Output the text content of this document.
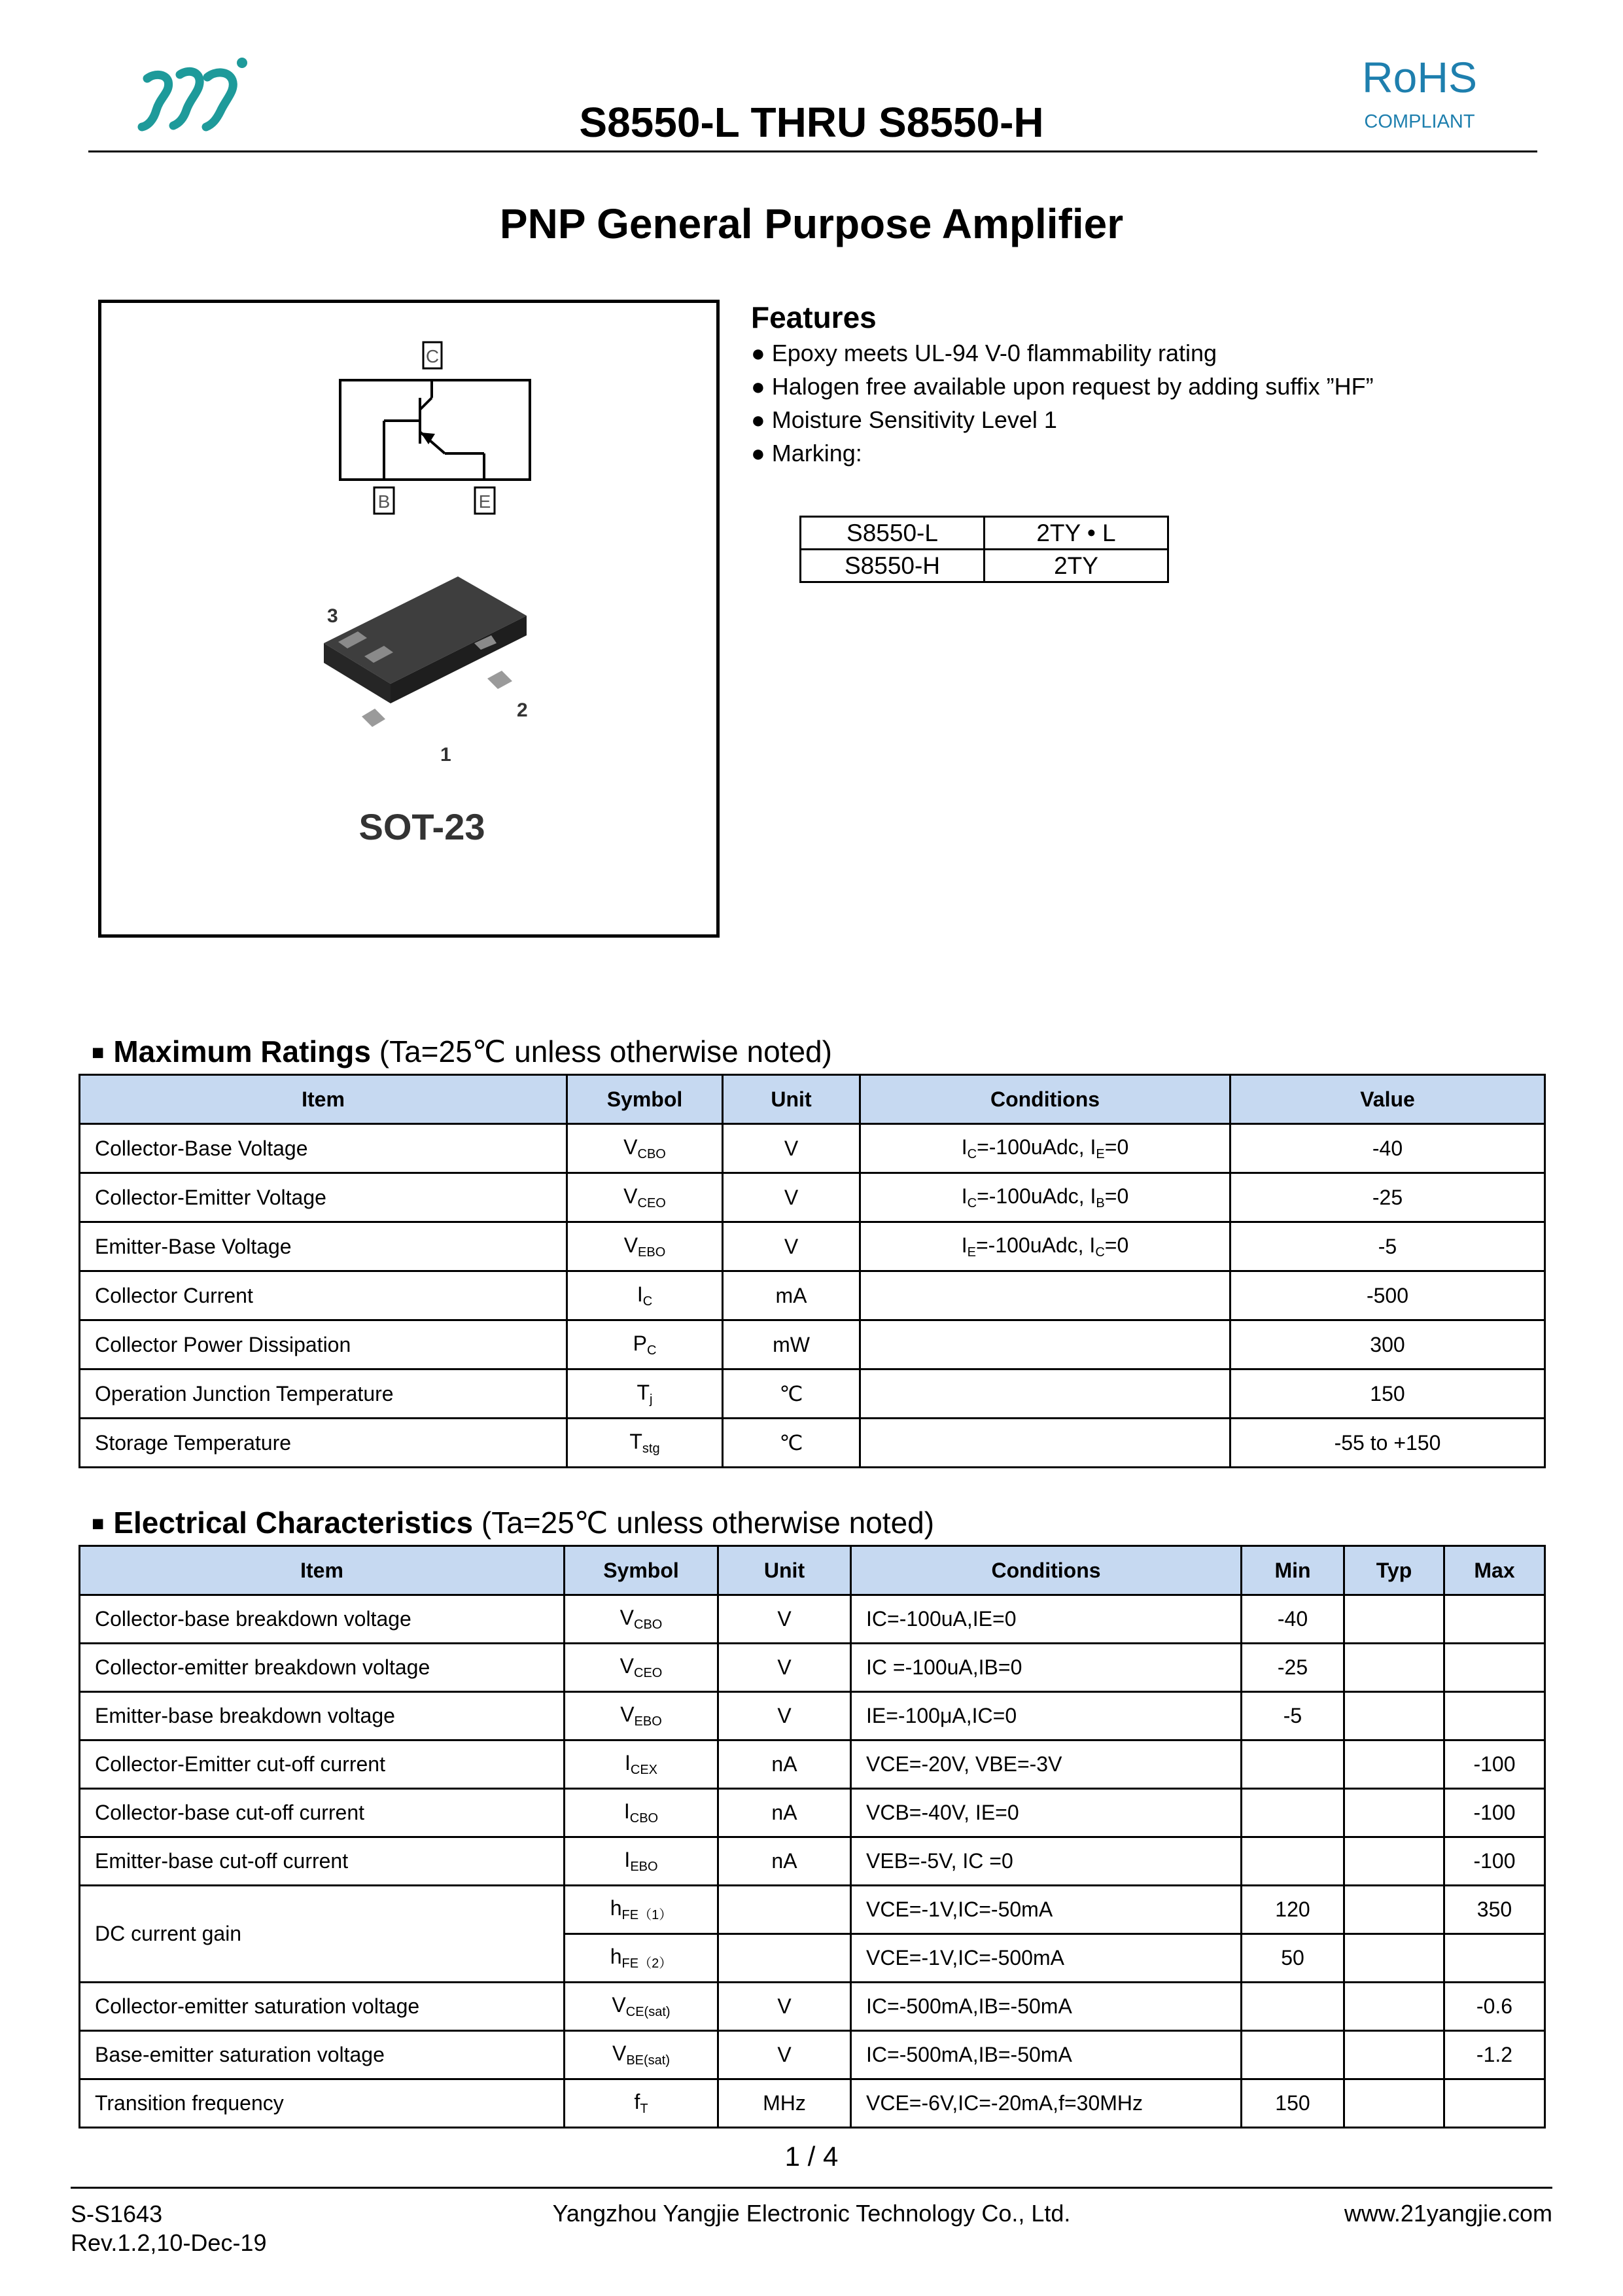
S8550-L THRU S8550-H
RoHS
COMPLIANT
PNP General Purpose Amplifier
C
B	E
3
2
1
SOT-23
Features
● Epoxy meets UL-94 V-0 flammability rating
● Halogen free available upon request by adding suffix ”HF”
● Moisture Sensitivity Level 1
● Marking:
S8550-L	2TY • L
S8550-H	2TY
■ Maximum Ratings (Ta=25℃ unless otherwise noted)
Item	Symbol	Unit	Conditions	Value
Collector-Base Voltage	$V_{CBO}$	V	$I_C=-100uAdc$, $I_E=0$	-40
Collector-Emitter Voltage	$V_{CEO}$	V	$I_C=-100uAdc$, $I_B=0$	-25
Emitter-Base Voltage	$V_{EBO}$	V	$I_E=-100uAdc$, $I_C=0$	-5
Collector Current	$I_C$	mA		-500
Collector Power Dissipation	$P_C$	mW		300
Operation Junction Temperature	$T_j$	℃		150
Storage Temperature	$T_{stg}$	℃		-55 to +150
■ Electrical Characteristics (Ta=25℃ unless otherwise noted)
Item	Symbol	Unit	Conditions	Min	Typ	Max
Collector-base breakdown voltage	$V_{CBO}$	V	IC=-100uA,IE=0	-40		
Collector-emitter breakdown voltage	$V_{CEO}$	V	IC =-100uA,IB=0	-25		
Emitter-base breakdown voltage	$V_{EBO}$	V	IE=-100μA,IC=0	-5		
Collector-Emitter cut-off current	$I_{CEX}$	nA	VCE=-20V, VBE=-3V			-100
Collector-base cut-off current	$I_{CBO}$	nA	VCB=-40V, IE=0			-100
Emitter-base cut-off current	$I_{EBO}$	nA	VEB=-5V, IC =0			-100
DC current gain	$h_{FE(1)}$		VCE=-1V,IC=-50mA	120		350
	$h_{FE(2)}$		VCE=-1V,IC=-500mA	50		
Collector-emitter saturation voltage	$V_{CE(sat)}$	V	IC=-500mA,IB=-50mA			-0.6
Base-emitter saturation voltage	$V_{BE(sat)}$	V	IC=-500mA,IB=-50mA			-1.2
Transition frequency	$f_T$	MHz	VCE=-6V,IC=-20mA,f=30MHz	150		
1 / 4
S-S1643
Rev.1.2,10-Dec-19
Yangzhou Yangjie Electronic Technology Co., Ltd.	www.21yangjie.com
